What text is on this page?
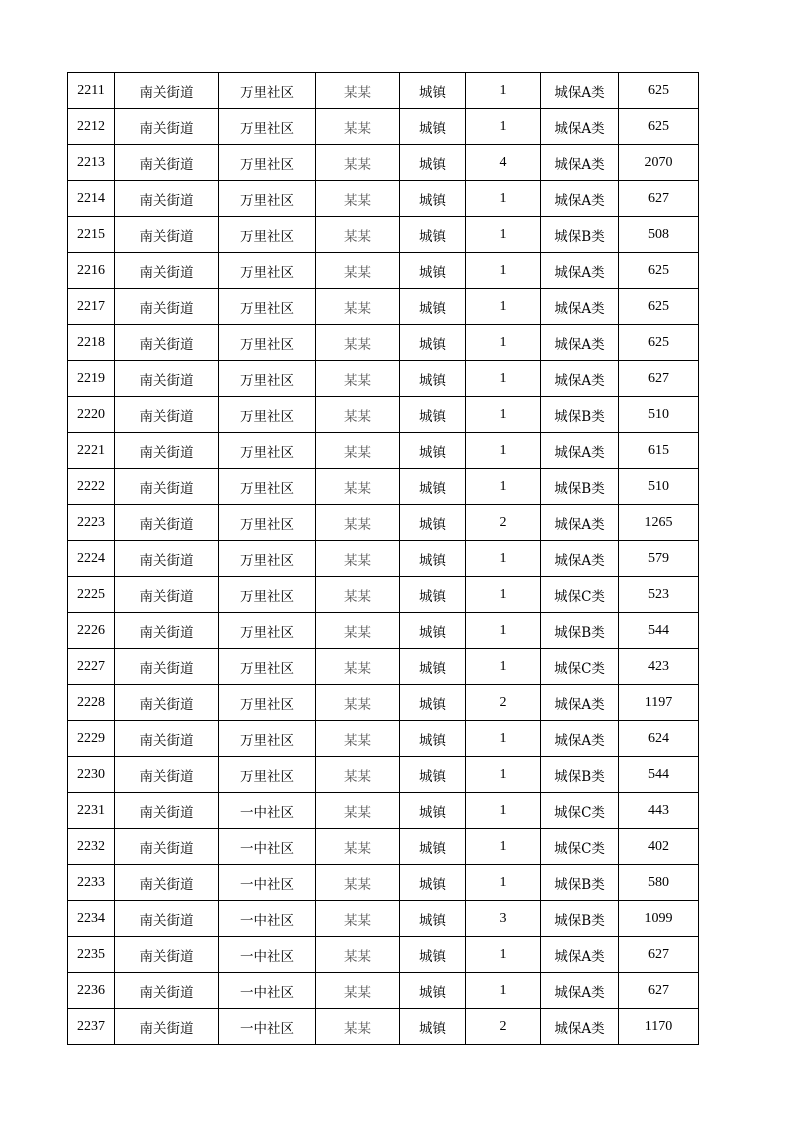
2211	南关街道	万里社区	某某	城镇	1	城保A类	625
2212	南关街道	万里社区	某某	城镇	1	城保A类	625
2213	南关街道	万里社区	某某	城镇	4	城保A类	2070
2214	南关街道	万里社区	某某	城镇	1	城保A类	627
2215	南关街道	万里社区	某某	城镇	1	城保B类	508
2216	南关街道	万里社区	某某	城镇	1	城保A类	625
2217	南关街道	万里社区	某某	城镇	1	城保A类	625
2218	南关街道	万里社区	某某	城镇	1	城保A类	625
2219	南关街道	万里社区	某某	城镇	1	城保A类	627
2220	南关街道	万里社区	某某	城镇	1	城保B类	510
2221	南关街道	万里社区	某某	城镇	1	城保A类	615
2222	南关街道	万里社区	某某	城镇	1	城保B类	510
2223	南关街道	万里社区	某某	城镇	2	城保A类	1265
2224	南关街道	万里社区	某某	城镇	1	城保A类	579
2225	南关街道	万里社区	某某	城镇	1	城保C类	523
2226	南关街道	万里社区	某某	城镇	1	城保B类	544
2227	南关街道	万里社区	某某	城镇	1	城保C类	423
2228	南关街道	万里社区	某某	城镇	2	城保A类	1197
2229	南关街道	万里社区	某某	城镇	1	城保A类	624
2230	南关街道	万里社区	某某	城镇	1	城保B类	544
2231	南关街道	一中社区	某某	城镇	1	城保C类	443
2232	南关街道	一中社区	某某	城镇	1	城保C类	402
2233	南关街道	一中社区	某某	城镇	1	城保B类	580
2234	南关街道	一中社区	某某	城镇	3	城保B类	1099
2235	南关街道	一中社区	某某	城镇	1	城保A类	627
2236	南关街道	一中社区	某某	城镇	1	城保A类	627
2237	南关街道	一中社区	某某	城镇	2	城保A类	1170
